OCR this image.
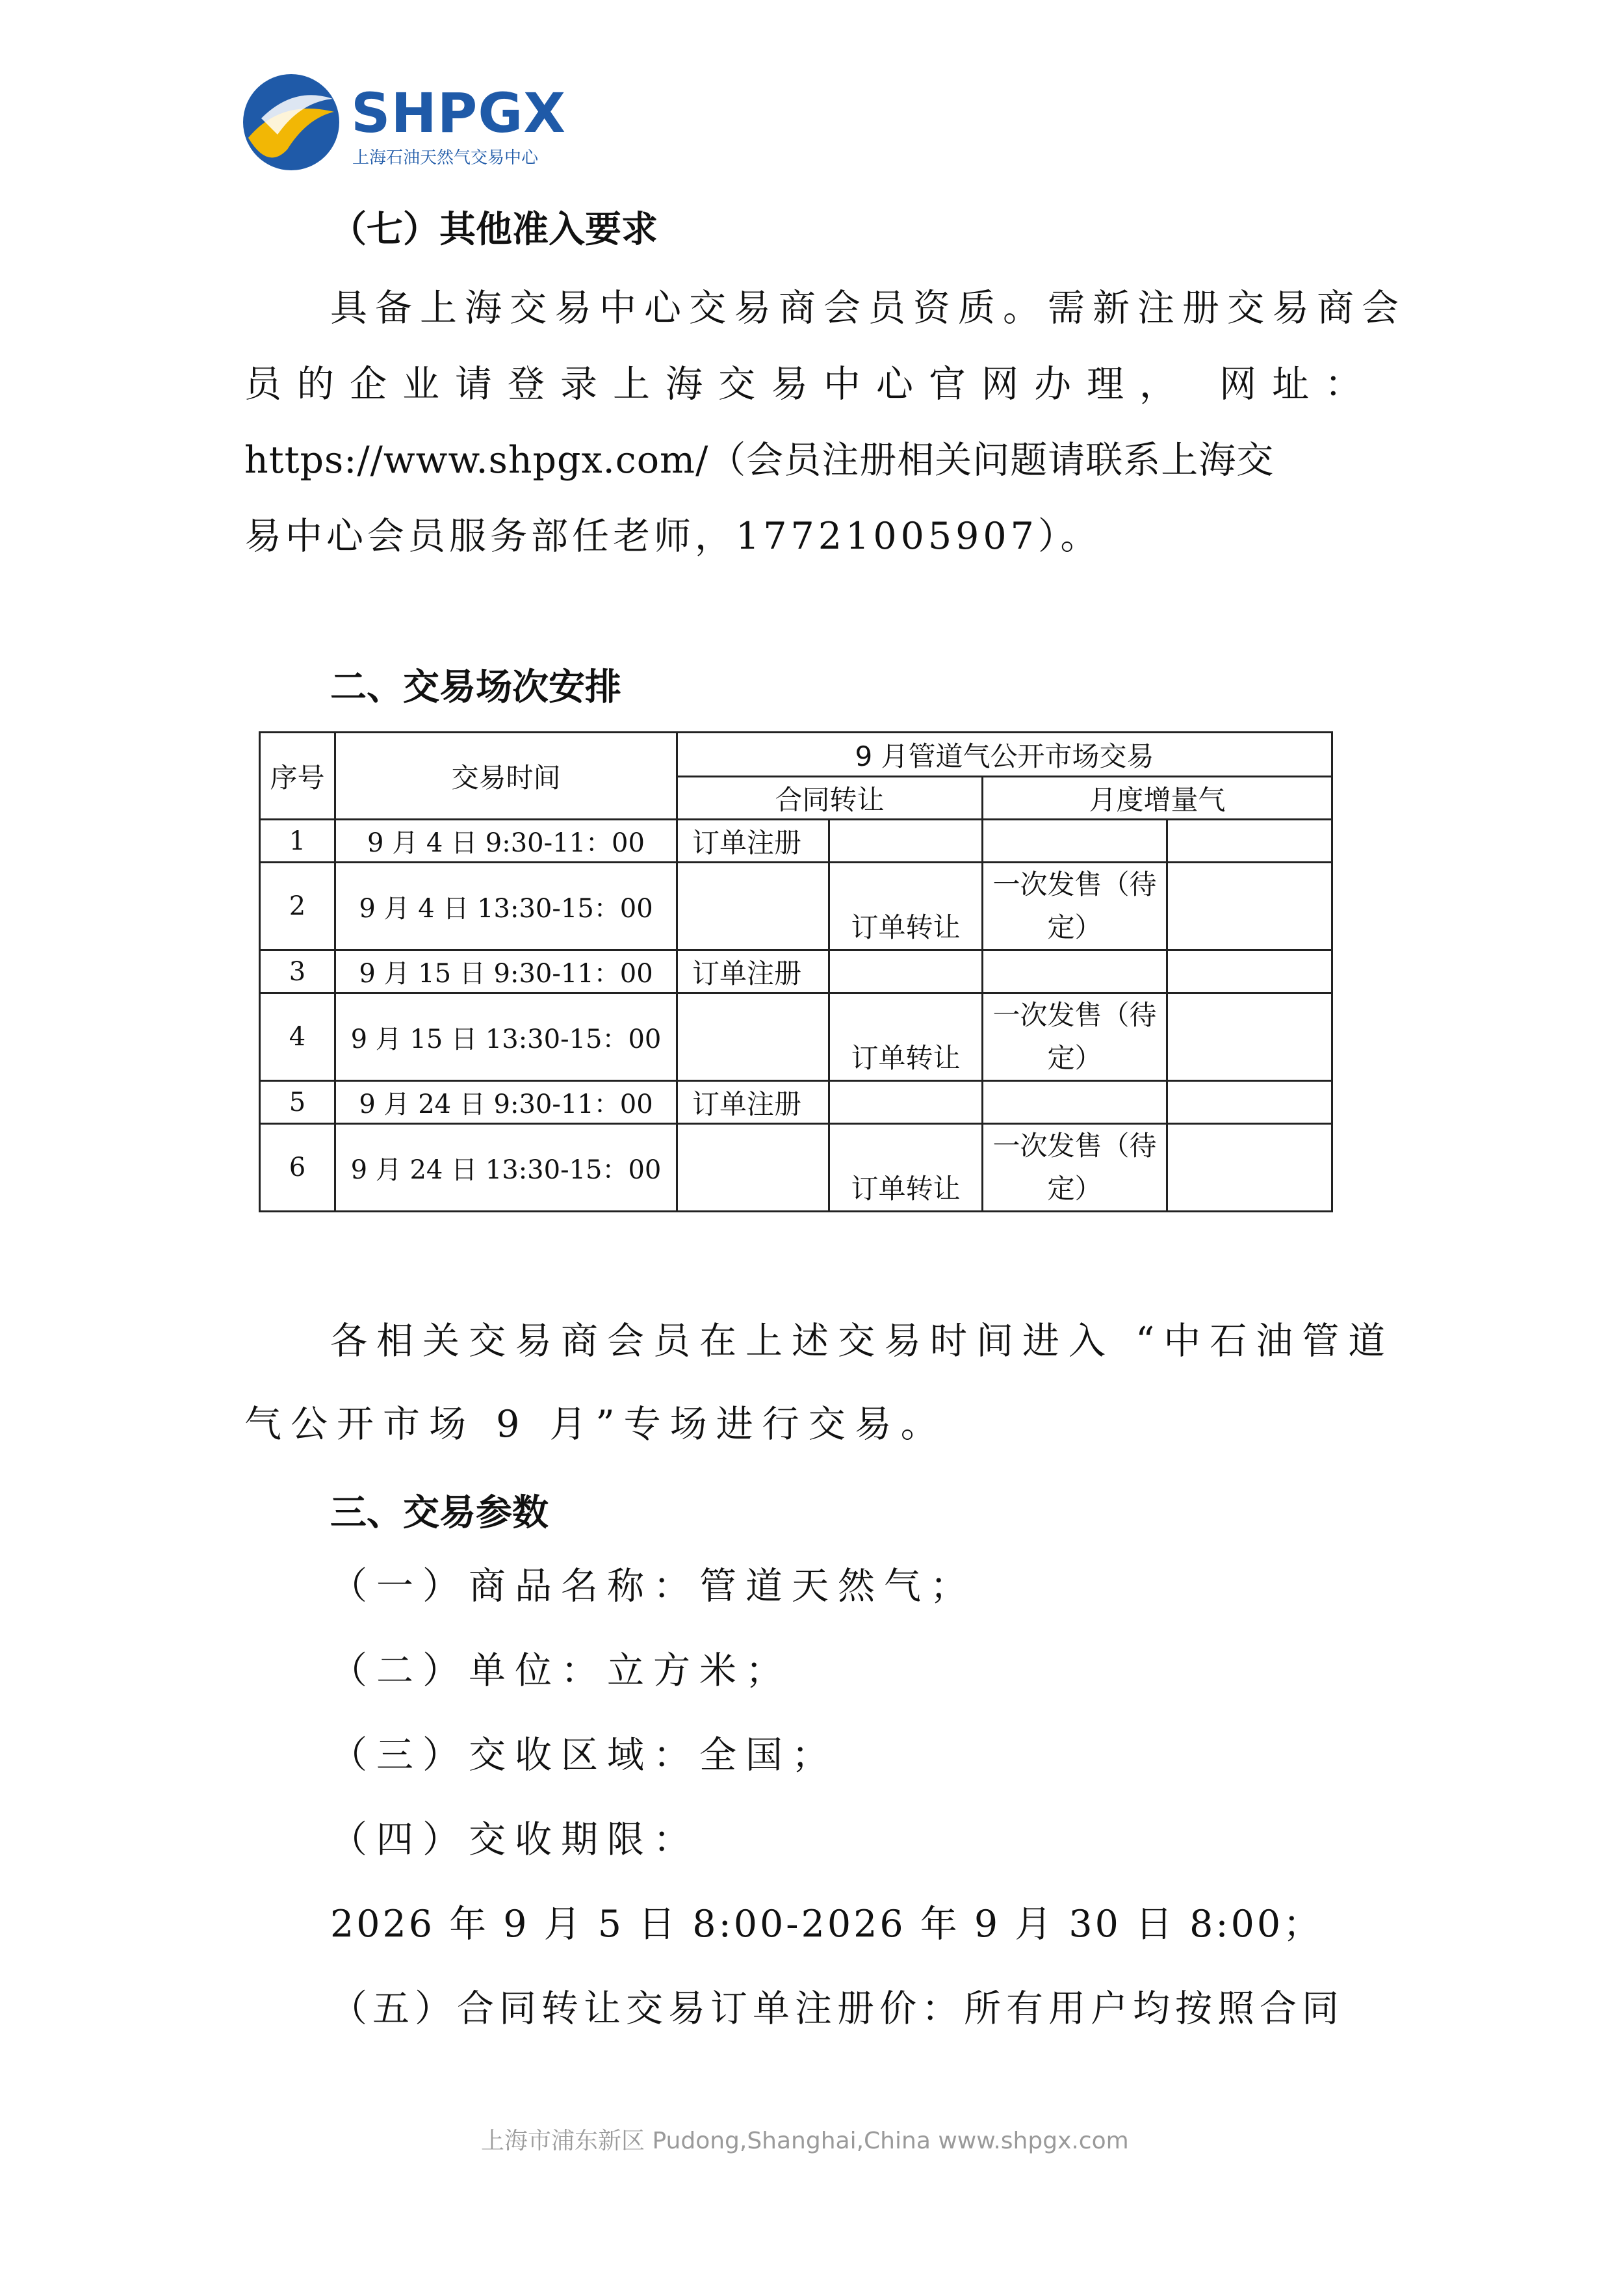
SHPGX
上海石油天然气交易中心
（七）其他准入要求
具备上海交易中心交易商会员资质。需新注册交易商会
员的企业请登录上海交易中心官网办理， 网址：
https://www.shpgx.com/（会员注册相关问题请联系上海交
易中心会员服务部任老师，17721005907）。
二、交易场次安排
序号	交易时间	9 月管道气公开市场交易			
		合同转让		月度增量气	
1	9 月 4 日 9:30-11：00	订单注册			
2	9 月 4 日 13:30-15：00		订单转让	一次发售（待定）	
3	9 月 15 日 9:30-11：00	订单注册			
4	9 月 15 日 13:30-15：00		订单转让	一次发售（待定）	
5	9 月 24 日 9:30-11：00	订单注册			
6	9 月 24 日 13:30-15：00		订单转让	一次发售（待定）	
各相关交易商会员在上述交易时间进入 “中石油管道
气公开市场 9 月”专场进行交易。
三、交易参数
（一）商品名称：管道天然气；
（二）单位：立方米；
（三）交收区域：全国；
（四）交收期限：
2026 年 9 月 5 日 8:00-2026 年 9 月 30 日 8:00；
（五）合同转让交易订单注册价：所有用户均按照合同
上海市浦东新区 Pudong,Shanghai,China www.shpgx.com
